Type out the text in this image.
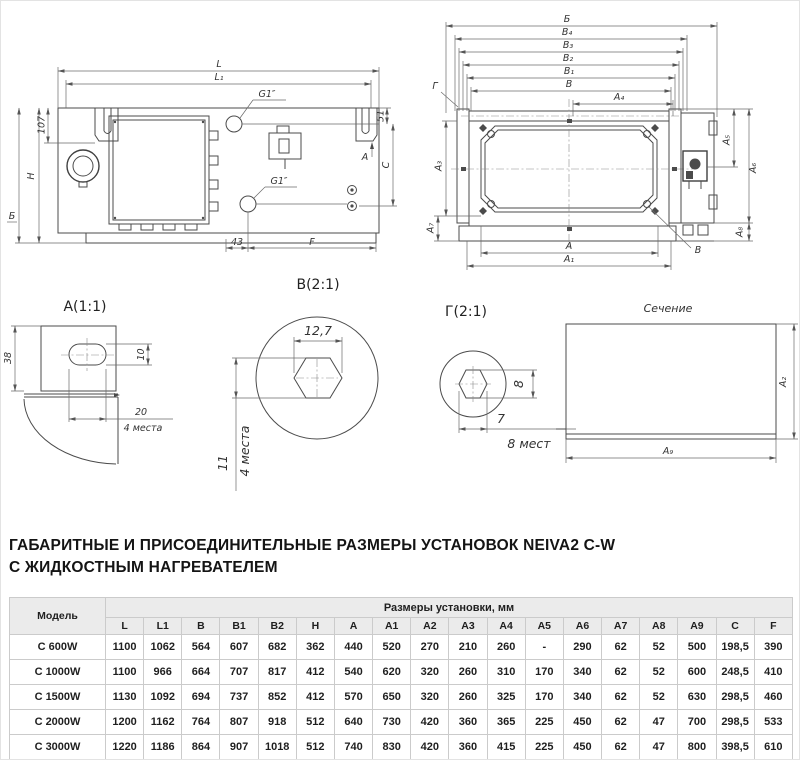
L
L₁
107
Б
H
G1″
G1″
A
51
C
43	F
Б
В₄
В₃
В₂
В₁
В
А₄
А₃
А₇
А₅
А₆
А₈
А
А₁
Г
В
А(1:1)
38	10
20
4 места
В(2:1)
12,7
11 4 места
Г(2:1)
8
7
8 мест
Сечение
А₂
А₉
ГАБАРИТНЫЕ И ПРИСОЕДИНИТЕЛЬНЫЕ РАЗМЕРЫ УСТАНОВОК NEIVA2 C-W
С ЖИДКОСТНЫМ НАГРЕВАТЕЛЕМ
Модель	Размеры установки, мм																	
	L	L1	B	B1	B2	H	A	A1	A2	A3	A4	A5	A6	A7	A8	A9	C	F
С 600W	1100	1062	564	607	682	362	440	520	270	210	260	-	290	62	52	500	198,5	390
С 1000W	1100	966	664	707	817	412	540	620	320	260	310	170	340	62	52	600	248,5	410
С 1500W	1130	1092	694	737	852	412	570	650	320	260	325	170	340	62	52	630	298,5	460
С 2000W	1200	1162	764	807	918	512	640	730	420	360	365	225	450	62	47	700	298,5	533
С 3000W	1220	1186	864	907	1018	512	740	830	420	360	415	225	450	62	47	800	398,5	610
